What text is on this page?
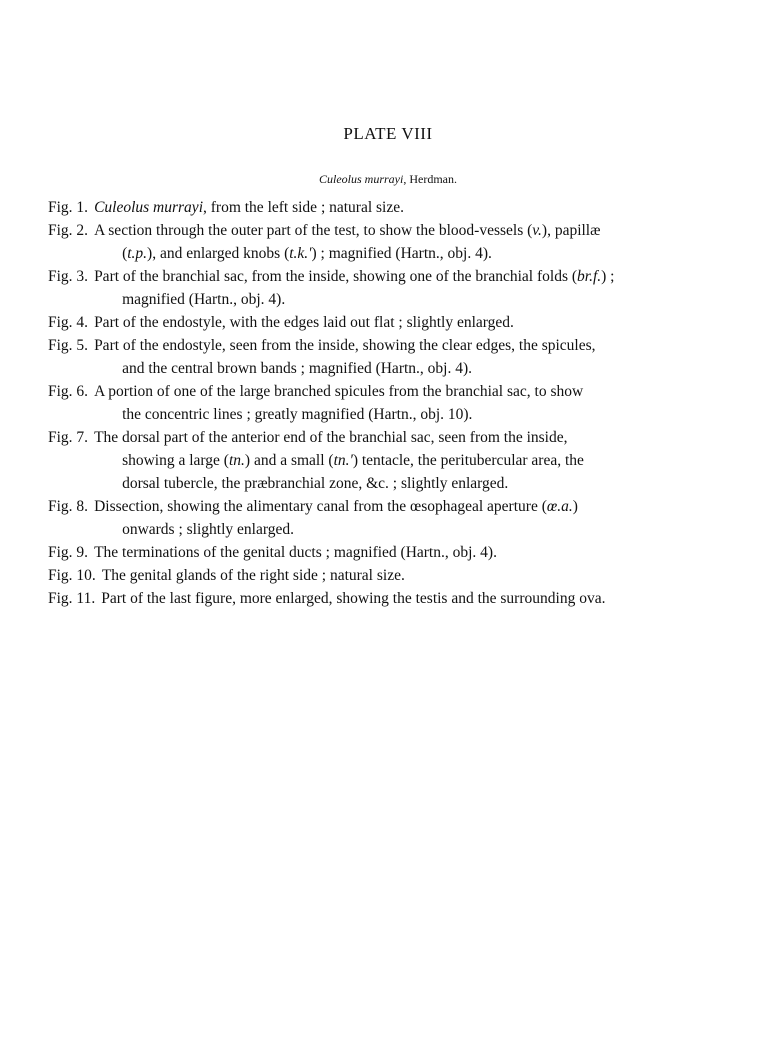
PLATE VIII
Culeolus murrayi, Herdman.
Fig. 1. Culeolus murrayi, from the left side ; natural size.
Fig. 2. A section through the outer part of the test, to show the blood-vessels (v.), papillæ
(t.p.), and enlarged knobs (t.k.') ; magnified (Hartn., obj. 4).
Fig. 3. Part of the branchial sac, from the inside, showing one of the branchial folds (br.f.) ;
magnified (Hartn., obj. 4).
Fig. 4. Part of the endostyle, with the edges laid out flat ; slightly enlarged.
Fig. 5. Part of the endostyle, seen from the inside, showing the clear edges, the spicules,
and the central brown bands ; magnified (Hartn., obj. 4).
Fig. 6. A portion of one of the large branched spicules from the branchial sac, to show
the concentric lines ; greatly magnified (Hartn., obj. 10).
Fig. 7. The dorsal part of the anterior end of the branchial sac, seen from the inside,
showing a large (tn.) and a small (tn.') tentacle, the peritubercular area, the
dorsal tubercle, the præbranchial zone, &c. ; slightly enlarged.
Fig. 8. Dissection, showing the alimentary canal from the œsophageal aperture (œ.a.)
onwards ; slightly enlarged.
Fig. 9. The terminations of the genital ducts ; magnified (Hartn., obj. 4).
Fig. 10. The genital glands of the right side ; natural size.
Fig. 11. Part of the last figure, more enlarged, showing the testis and the surrounding ova.
